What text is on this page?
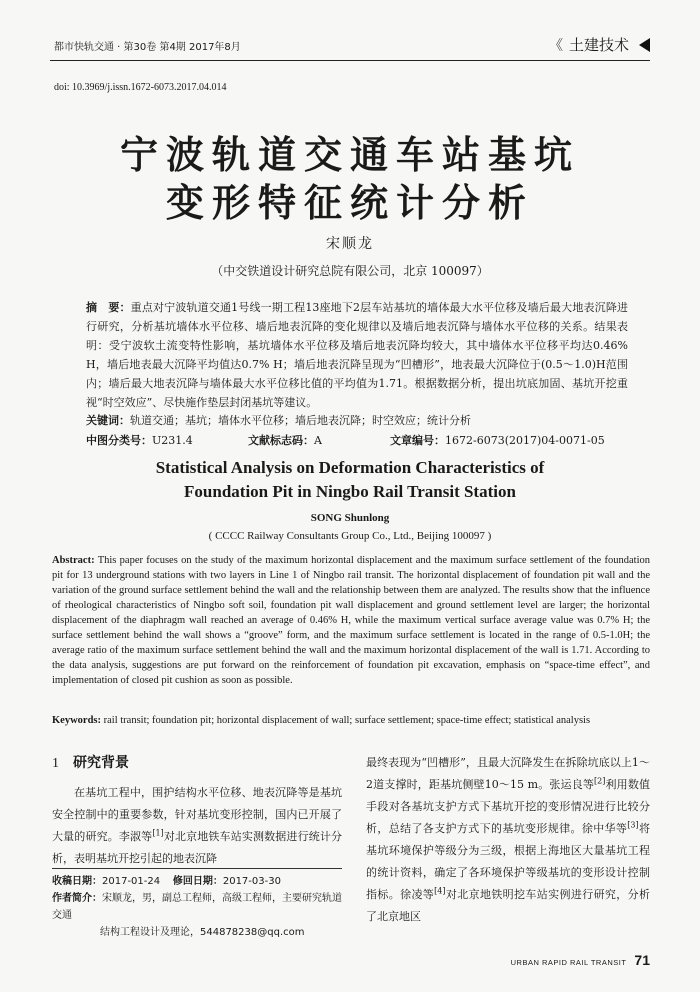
都市快轨交通 · 第30卷 第4期 2017年8月	《 土建技术
doi: 10.3969/j.issn.1672-6073.2017.04.014
宁波轨道交通车站基坑
变形特征统计分析
宋顺龙
（中交铁道设计研究总院有限公司，北京 100097）
摘　要：重点对宁波轨道交通1号线一期工程13座地下2层车站基坑的墙体最大水平位移及墙后最大地表沉降进行研究，分析基坑墙体水平位移、墙后地表沉降的变化规律以及墙后地表沉降与墙体水平位移的关系。结果表明：受宁波软土流变特性影响，基坑墙体水平位移及墙后地表沉降均较大，其中墙体水平位移平均达0.46% H，墙后地表最大沉降平均值达0.7% H；墙后地表沉降呈现为“凹槽形”，地表最大沉降位于(0.5～1.0)H范围内；墙后最大地表沉降与墙体最大水平位移比值的平均值为1.71。根据数据分析，提出坑底加固、基坑开挖重视“时空效应”、尽快施作垫层封闭基坑等建议。
关键词：轨道交通；基坑；墙体水平位移；墙后地表沉降；时空效应；统计分析
中图分类号：U231.4	文献标志码：A	文章编号：1672-6073(2017)04-0071-05
Statistical Analysis on Deformation Characteristics of
Foundation Pit in Ningbo Rail Transit Station
SONG Shunlong
( CCCC Railway Consultants Group Co., Ltd., Beijing 100097 )
Abstract: This paper focuses on the study of the maximum horizontal displacement and the maximum surface settlement of the foundation pit for 13 underground stations with two layers in Line 1 of Ningbo rail transit. The horizontal displacement of foundation pit wall and the variation of the ground surface settlement behind the wall and the relationship between them are analyzed. The results show that the influence of rheological characteristics of Ningbo soft soil, foundation pit wall displacement and ground settlement level are larger; the horizontal displacement of the diaphragm wall reached an average of 0.46% H, while the maximum vertical surface average value was 0.7% H; the surface settlement behind the wall shows a “groove” form, and the maximum surface settlement is located in the range of 0.5-1.0H; the average ratio of the maximum surface settlement behind the wall and the maximum horizontal displacement of the wall is 1.71. According to the data analysis, suggestions are put forward on the reinforcement of foundation pit excavation, emphasis on “space-time effect”, and implementation of closed pit cushion as soon as possible.
Keywords: rail transit; foundation pit; horizontal displacement of wall; surface settlement; space-time effect; statistical analysis
1 研究背景

在基坑工程中，围护结构水平位移、地表沉降等是基坑安全控制中的重要参数，针对基坑变形控制，国内已开展了大量的研究。李淑等[1]对北京地铁车站实测数据进行统计分析，表明基坑开挖引起的地表沉降

最终表现为“凹槽形”，且最大沉降发生在拆除坑底以上1～2道支撑时，距基坑侧壁10～15 m。张运良等[2]利用数值手段对各基坑支护方式下基坑开挖的变形情况进行比较分析，总结了各支护方式下的基坑变形规律。徐中华等[3]将基坑环境保护等级分为三级，根据上海地区大量基坑工程的统计资料，确定了各环境保护等级基坑的变形设计控制指标。徐凌等[4]对北京地铁明挖车站实例进行研究，分析了北京地区

收稿日期：2017-01-24 修回日期：2017-03-30
作者简介：宋顺龙，男，副总工程师，高级工程师，主要研究轨道交通
结构工程设计及理论，544878238@qq.com
URBAN RAPID RAIL TRANSIT 71
